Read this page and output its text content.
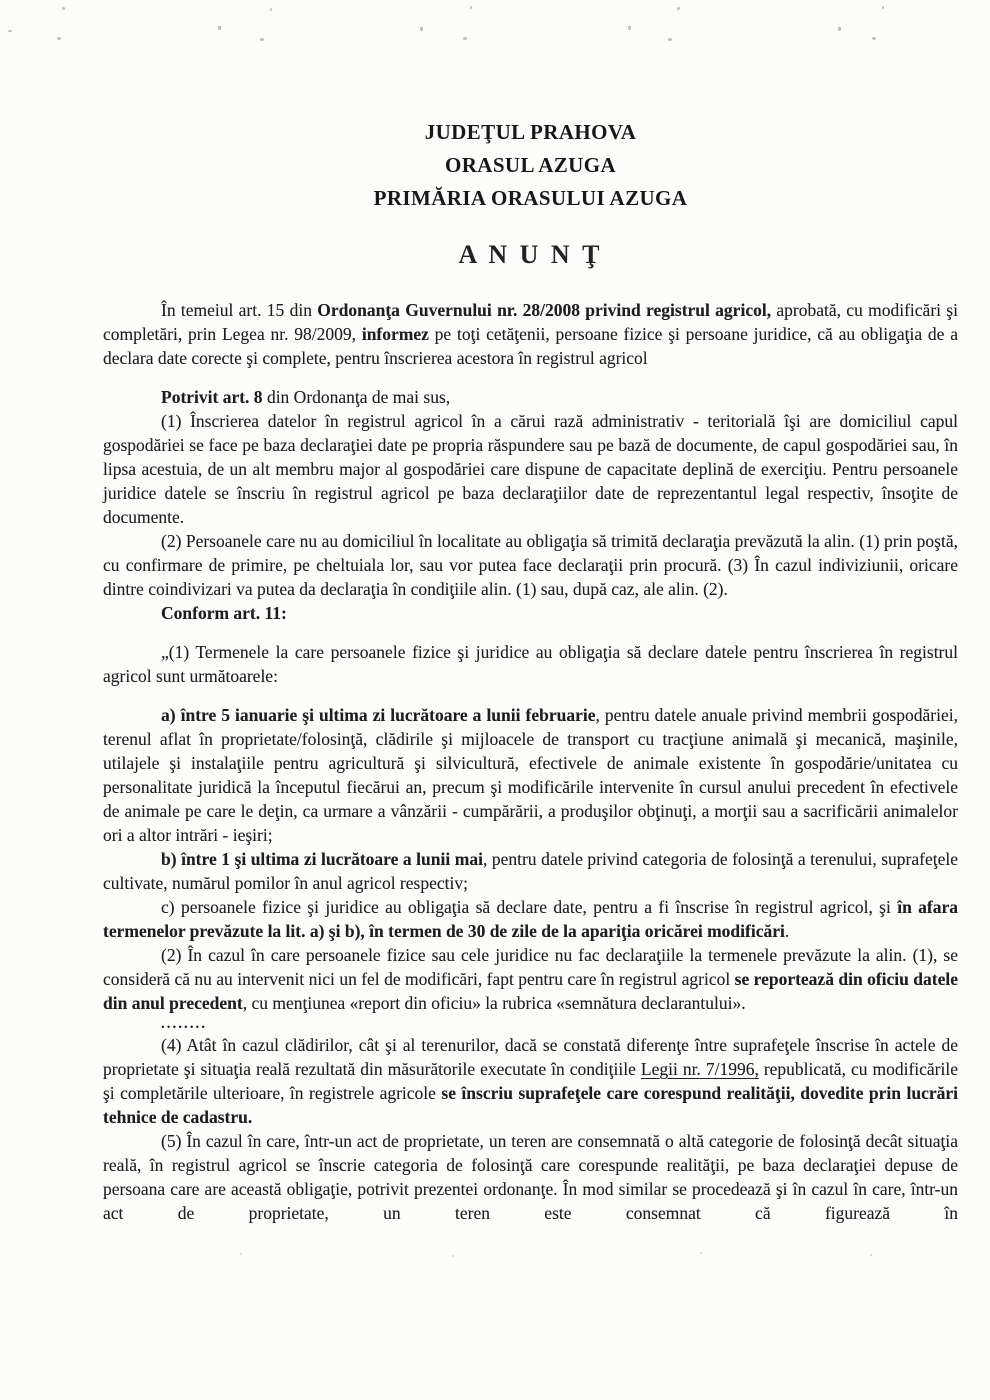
JUDEŢUL PRAHOVA
ORASUL AZUGA
PRIMĂRIA ORASULUI AZUGA
A N U N Ţ

În temeiul art. 15 din Ordonanţa Guvernului nr. 28/2008 privind registrul agricol, aprobată, cu modificări şi completări, prin Legea nr. 98/2009, informez pe toţi cetăţenii, persoane fizice şi persoane juridice, că au obligaţia de a declara date corecte şi complete, pentru înscrierea acestora în registrul agricol

Potrivit art. 8 din Ordonanţa de mai sus,

(1) Înscrierea datelor în registrul agricol în a cărui rază administrativ - teritorială îşi are domiciliul capul gospodăriei se face pe baza declaraţiei date pe propria răspundere sau pe bază de documente, de capul gospodăriei sau, în lipsa acestuia, de un alt membru major al gospodăriei care dispune de capacitate deplină de exerciţiu. Pentru persoanele juridice datele se înscriu în registrul agricol pe baza declaraţiilor date de reprezentantul legal respectiv, însoţite de documente.

(2) Persoanele care nu au domiciliul în localitate au obligaţia să trimită declaraţia prevăzută la alin. (1) prin poştă, cu confirmare de primire, pe cheltuiala lor, sau vor putea face declaraţii prin procură. (3) În cazul indiviziunii, oricare dintre coindivizari va putea da declaraţia în condiţiile alin. (1) sau, după caz, ale alin. (2).

Conform art. 11:

„(1) Termenele la care persoanele fizice şi juridice au obligaţia să declare datele pentru înscrierea în registrul agricol sunt următoarele:

a) între 5 ianuarie şi ultima zi lucrătoare a lunii februarie, pentru datele anuale privind membrii gospodăriei, terenul aflat în proprietate/folosinţă, clădirile şi mijloacele de transport cu tracţiune animală şi mecanică, maşinile, utilajele şi instalaţiile pentru agricultură şi silvicultură, efectivele de animale existente în gospodărie/unitatea cu personalitate juridică la începutul fiecărui an, precum şi modificările intervenite în cursul anului precedent în efectivele de animale pe care le deţin, ca urmare a vânzării - cumpărării, a produşilor obţinuţi, a morţii sau a sacrificării animalelor ori a altor intrări - ieşiri;

b) între 1 şi ultima zi lucrătoare a lunii mai, pentru datele privind categoria de folosinţă a terenului, suprafeţele cultivate, numărul pomilor în anul agricol respectiv;

c) persoanele fizice şi juridice au obligaţia să declare date, pentru a fi înscrise în registrul agricol, şi în afara termenelor prevăzute la lit. a) şi b), în termen de 30 de zile de la apariţia oricărei modificări.

(2) În cazul în care persoanele fizice sau cele juridice nu fac declaraţiile la termenele prevăzute la alin. (1), se consideră că nu au intervenit nici un fel de modificări, fapt pentru care în registrul agricol se reportează din oficiu datele din anul precedent, cu menţiunea «report din oficiu» la rubrica «semnătura declarantului».

........

(4) Atât în cazul clădirilor, cât şi al terenurilor, dacă se constată diferenţe între suprafeţele înscrise în actele de proprietate şi situaţia reală rezultată din măsurătorile executate în condiţiile Legii nr. 7/1996, republicată, cu modificările şi completările ulterioare, în registrele agricole se înscriu suprafeţele care corespund realităţii, dovedite prin lucrări tehnice de cadastru.

(5) În cazul în care, într-un act de proprietate, un teren are consemnată o altă categorie de folosinţă decât situaţia reală, în registrul agricol se înscrie categoria de folosinţă care corespunde realităţii, pe baza declaraţiei depuse de persoana care are această obligaţie, potrivit prezentei ordonanţe. În mod similar se procedează şi în cazul în care, într-un act de proprietate, un teren este consemnat că figurează în
